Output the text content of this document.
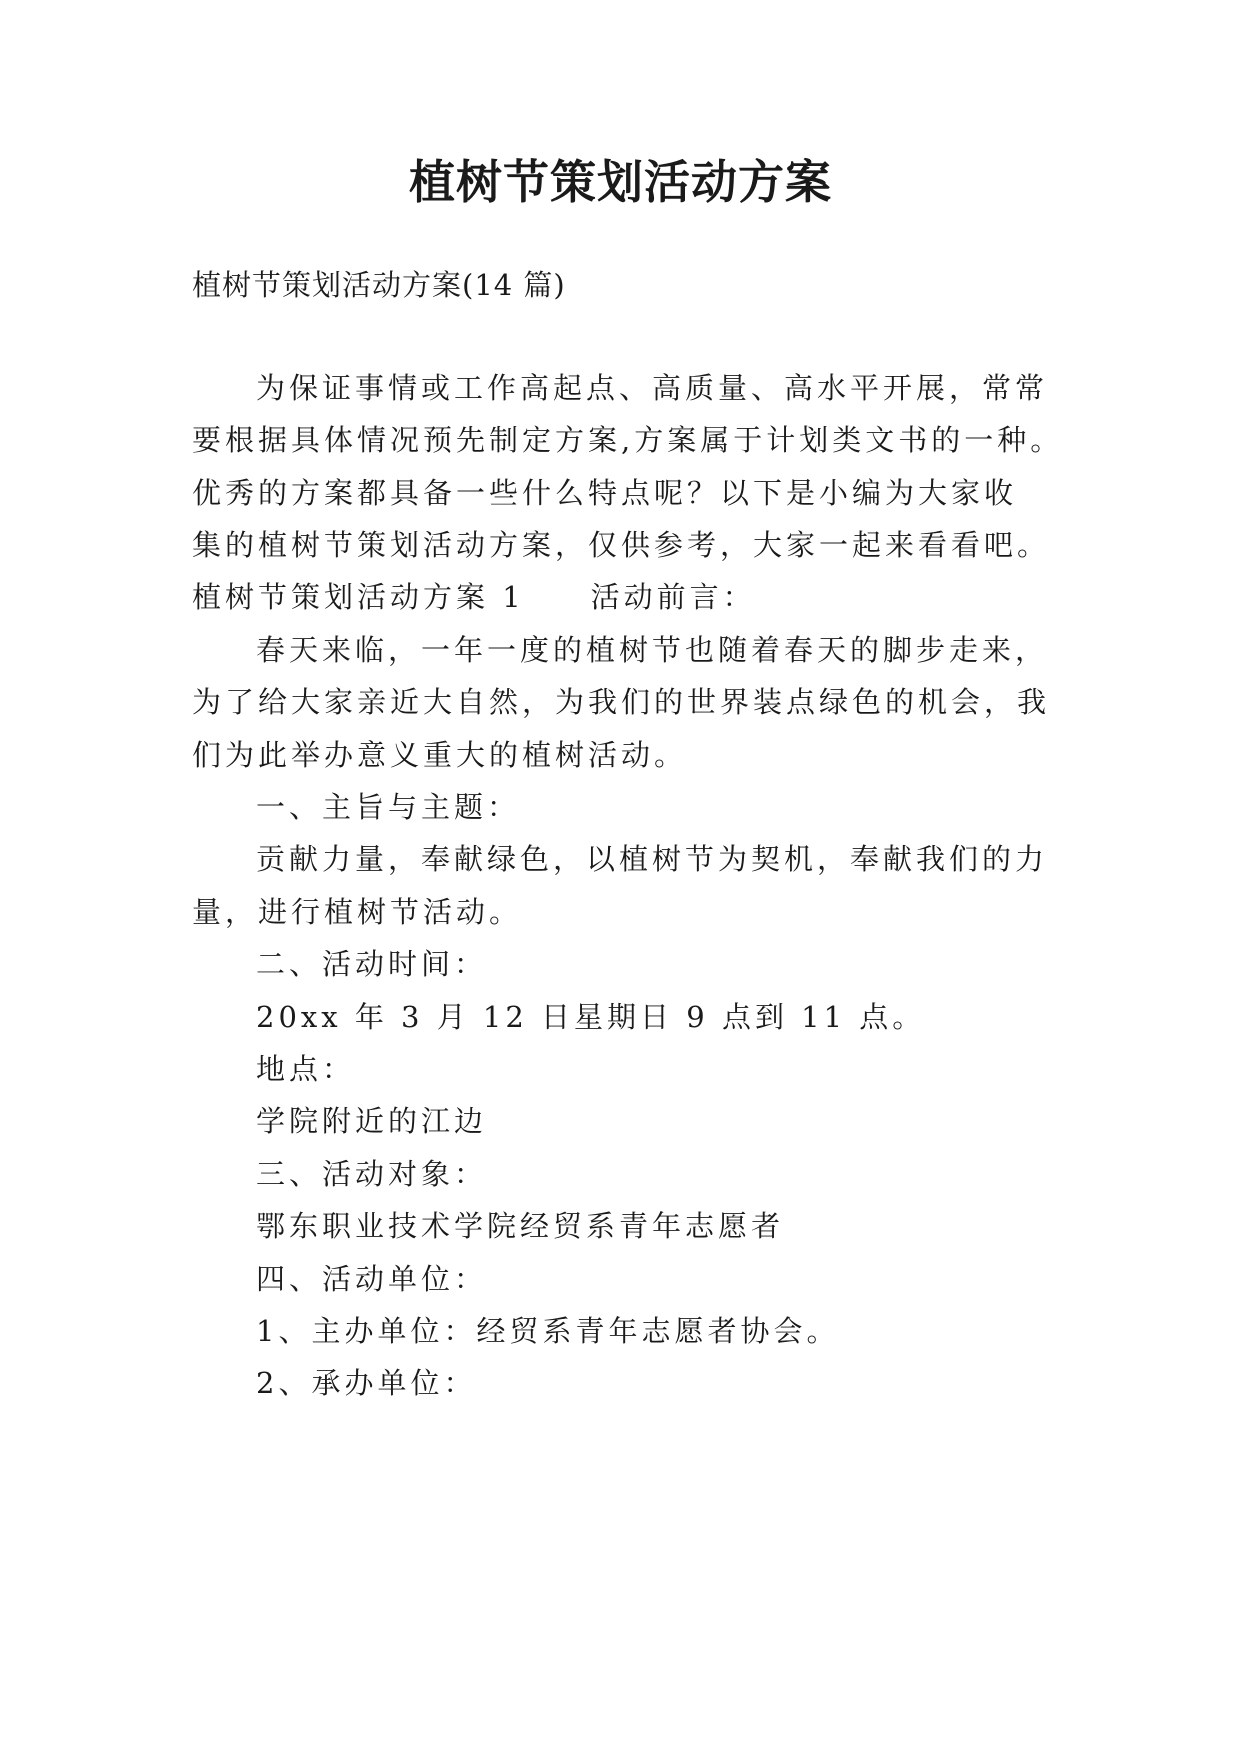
植树节策划活动方案
植树节策划活动方案(14 篇)
为保证事情或工作高起点、高质量、高水平开展，常常
要根据具体情况预先制定方案,方案属于计划类文书的一种。
优秀的方案都具备一些什么特点呢？以下是小编为大家收
集的植树节策划活动方案，仅供参考，大家一起来看看吧。
植树节策划活动方案 1　　活动前言：
春天来临，一年一度的植树节也随着春天的脚步走来，
为了给大家亲近大自然，为我们的世界装点绿色的机会，我
们为此举办意义重大的植树活动。
一、主旨与主题：
贡献力量，奉献绿色，以植树节为契机，奉献我们的力
量，进行植树节活动。
二、活动时间：
20xx 年 3 月 12 日星期日 9 点到 11 点。
地点：
学院附近的江边
三、活动对象：
鄂东职业技术学院经贸系青年志愿者
四、活动单位：
1、主办单位：经贸系青年志愿者协会。
2、承办单位：
